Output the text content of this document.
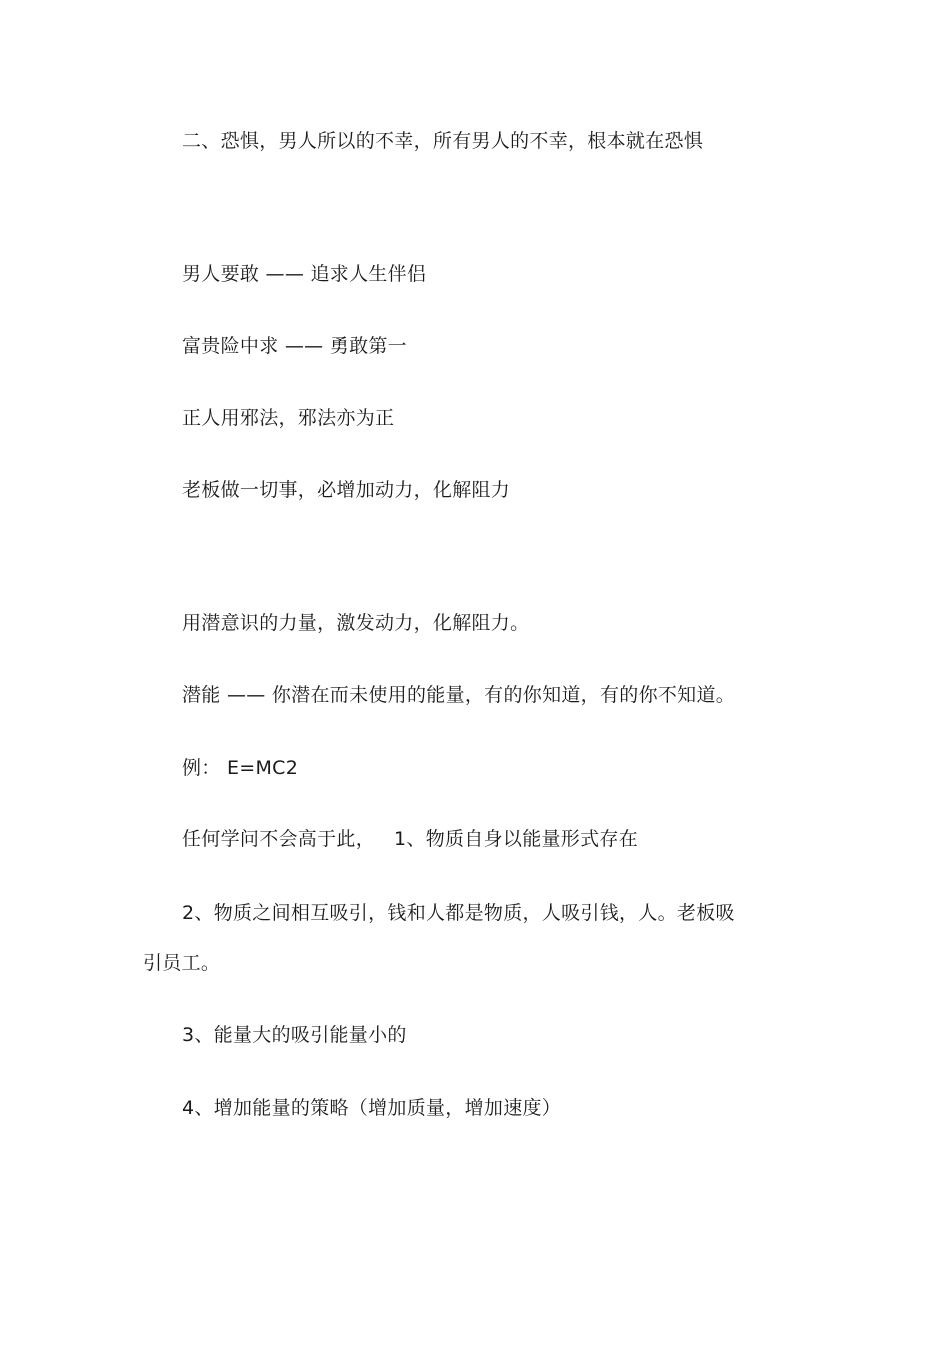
二、恐惧，男人所以的不幸，所有男人的不幸，根本就在恐惧
男人要敢 —— 追求人生伴侣
富贵险中求 —— 勇敢第一
正人用邪法，邪法亦为正
老板做一切事，必增加动力，化解阻力
用潜意识的力量，激发动力，化解阻力。
潜能 —— 你潜在而未使用的能量，有的你知道，有的你不知道。
例： E=MC2
任何学问不会高于此，   1、物质自身以能量形式存在
2、物质之间相互吸引，钱和人都是物质，人吸引钱，人。老板吸
引员工。
3、能量大的吸引能量小的
4、增加能量的策略（增加质量，增加速度）
